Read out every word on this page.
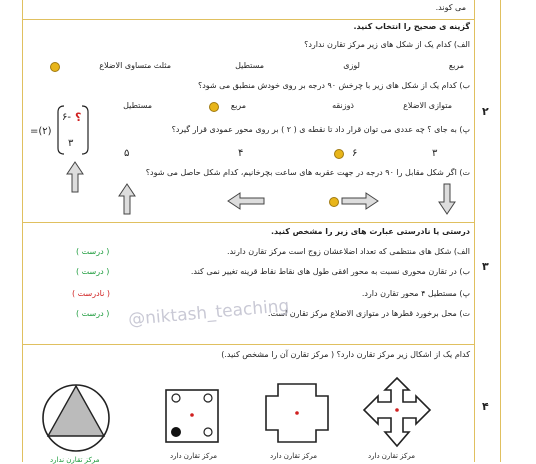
می کوند.
۲
۳
۴
گزینه ی صحیح را انتخاب کنید.
الف) کدام یک از شکل های زیر مرکز تقارن ندارد؟
مربع
لوزی
مستطیل
مثلث متساوی الاضلاع
ب) کدام یک از شکل های زیر با چرخش ۹۰ درجه بر روی خودش منطبق می شود؟
متوازی الاضلاع
ذوزنقه
مربع
مستطیل
پ) به جای ؟ چه عددی می توان قرار داد تا نقطه ی ( ۲ ) بر روی محور عمودی قرار گیرد؟
۳
۶
۴
۵
=(۲)
۶- ؟
۳
ت) اگر شکل مقابل را ۹۰ درجه در جهت عقربه های ساعت بچرخانیم، کدام شکل حاصل می شود؟
درستی یا نادرستی عبارت های زیر را مشخص کنید.
الف) شکل های منتظمی که تعداد اضلاعشان زوج است مرکز تقارن دارند.
( درست )
ب) در تقارن محوری نسبت به محور افقی طول های نقاط نقاط قرینه تغییر نمی کند.
( درست )
پ) مستطیل ۴ محور تقارن دارد.
( نادرست )
ت) محل برخورد قطرها در متوازی الاضلاع مرکز تقارن است.
( درست ) @niktash_teaching
کدام یک از اشکال زیر مرکز تقارن دارد؟ ( مرکز تقارن آن را مشخص کنید.)
مرکز تقارن دارد
مرکز تقارن دارد
مرکز تقارن دارد
مرکز تقارن ندارد
